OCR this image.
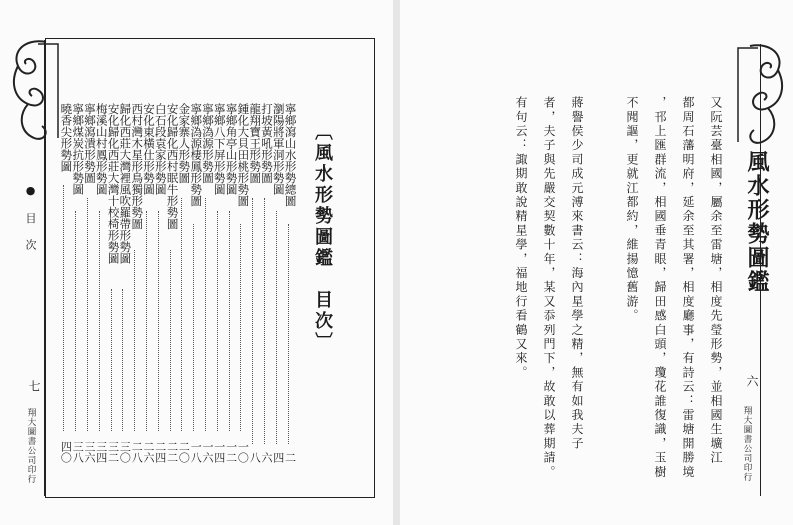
● 目 次
七
翔大圖書公司印行
〔風水形勢圖鑑　目次〕
寧鄉瀉山水形勢總圖
二
瀏陽將軍洞形勢圖
四
打坡黃吼形勢圖
六
龍翔寶王形勢圖
八
鍾化大貝田桃形勢圖
一〇
寧鄉角亭山形勢圖
一二
寧鄉八下屏形勢圖
一四
寧鄉溈源形勢圖
一六
寧鄉溈源棲鳳形勢圖
一八
金家寨人形勢圖
二〇
安化歸化西村眠牛形勢圖
二二
白石段袁家形勢圖
二四
安化東橫仕形勢圖
二六
西村灣木星形鳥獨形勢圖
二八
歸化西莊大灣裡風吹羅帶形勢圖
三〇
安化歸化西莊大灣十校椅形勢圖
三二
梅溪山村鳳形勢圖
三四
寧鄉瀉潰形勢圖
三六
寧鄉煤炭抗形勢圖
三八
曉香尖形勢圖
四〇	又阮芸臺相國，屬余至雷塘，相度先瑩形勢，並相國生壙江
都周石藩明府，延余至其署，相度廳事，有詩云：雷塘開勝境
，邗上匯群流，相國垂青眼，歸田感白頭，瓊花誰復識，玉樹
不聞謳，更就江都約，維揚憶舊游。
蔣譽侯少司成元溥來書云：海內星學之精，無有如我夫子
者，夫子與先嚴交契數十年，某又忝列門下，故敢以葬期請。
有句云：諏期敢說精星學，福地行看鶴又來。	風水形勢圖鑑
六
翔大圖書公司印行
